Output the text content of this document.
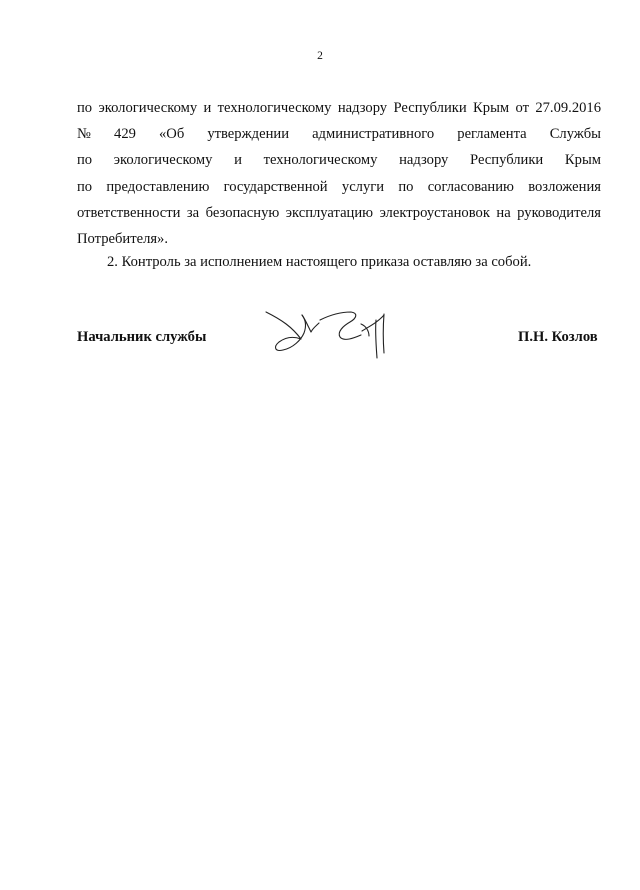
2
по экологическому и технологическому надзору Республики Крым от 27.09.2016
№ 429 «Об утверждении административного регламента Службы
по экологическому и технологическому надзору Республики Крым
по предоставлению государственной услуги по согласованию возложения
ответственности за безопасную эксплуатацию электроустановок на руководителя
Потребителя».
2. Контроль за исполнением настоящего приказа оставляю за собой.
Начальник службы	П.Н. Козлов
